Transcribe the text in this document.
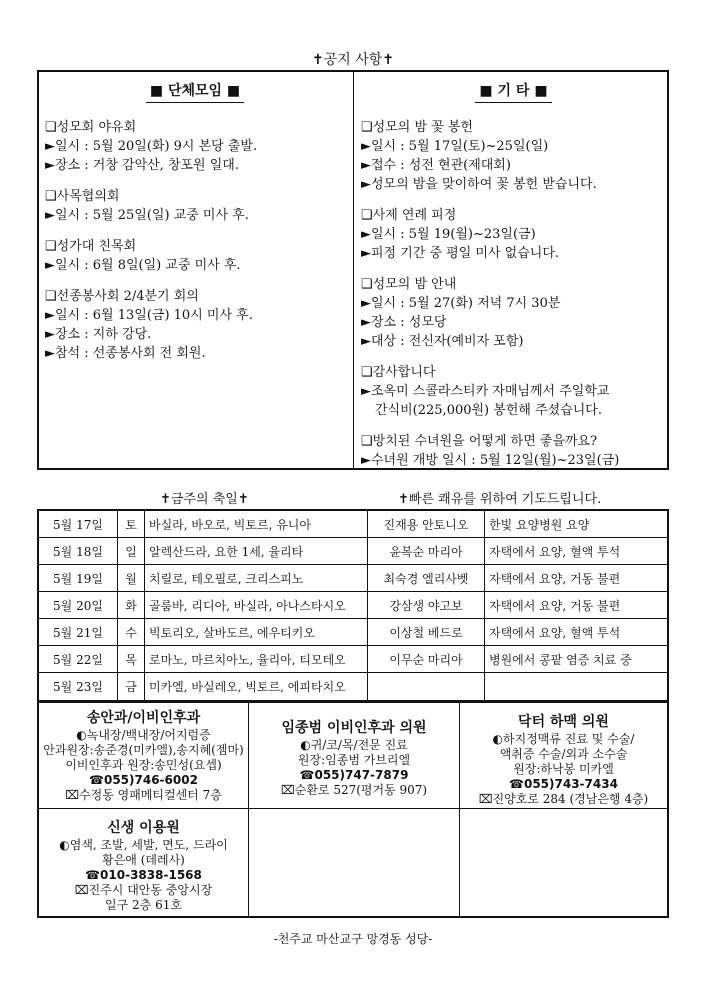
✝공지 사항✝
■ 단체모임 ■
❑성모회 야유회
►일시 : 5월 20일(화) 9시 본당 출발.
►장소 : 거창 감악산, 창포원 일대.
❑사목협의회
►일시 : 5월 25일(일) 교중 미사 후.
❑성가대 친목회
►일시 : 6월 8일(일) 교중 미사 후.
❑선종봉사회 2/4분기 회의
►일시 : 6월 13일(금) 10시 미사 후.
►장소 : 지하 강당.
►참석 : 선종봉사회 전 회원.
■ 기 타 ■
❑성모의 밤 꽃 봉헌
►일시 : 5월 17일(토)~25일(일)
►접수 : 성전 현관(제대회)
►성모의 밤을 맞이하여 꽃 봉헌 받습니다.
❑사제 연례 피정
►일시 : 5월 19(월)~23일(금)
►피정 기간 중 평일 미사 없습니다.
❑성모의 밤 안내
►일시 : 5월 27(화) 저녁 7시 30분
►장소 : 성모당
►대상 : 전신자(예비자 포함)
❑감사합니다
►조옥미 스콜라스티카 자매님께서 주일학교
간식비(225,000원) 봉헌해 주셨습니다.
❑방치된 수녀원을 어떻게 하면 좋을까요?
►수녀원 개방 일시 : 5월 12일(월)~23일(금)
✝금주의 축일✝	✝빠른 쾌유를 위하여 기도드립니다.
5월 17일	토	바실라, 바오로, 빅토르, 유니아	진재용 안토니오	한빛 요양병원 요양
5월 18일	일	알렉산드라, 요한 1세, 율리타	윤복순 마리아	자택에서 요양, 혈액 투석
5월 19일	월	치릴로, 테오필로, 크리스피노	최숙경 엘리사벳	자택에서 요양, 거동 불편
5월 20일	화	골룸바, 리디아, 바실라, 아나스타시오	강삼생 야고보	자택에서 요양, 거동 불편
5월 21일	수	빅토리오, 살바도르, 에우티키오	이상철 베드로	자택에서 요양, 혈액 투석
5월 22일	목	로마노, 마르치아노, 율리아, 티모테오	이무순 마리아	병원에서 콩팥 염증 치료 중
5월 23일	금	미카엘, 바실레오, 빅토르, 에피타치오		
송안과/이비인후과
◐녹내장/백내장/어지럼증
안과원장:송준경(미카엘),송지혜(젬마)
이비인후과 원장:송민성(요셉)
☎055)746-6002
⌧수정동 영패메티컬센터 7층
임종범 이비인후과 의원
◐귀/코/목/전문 진료
원장:임종범 가브리엘
☎055)747-7879
⌧순환로 527(평거동 907)
닥터 하맥 의원
◐하지정맥류 진료 및 수술/
액취증 수술/외과 소수술
원장:하낙봉 미카엘
☎055)743-7434
⌧진양호로 284 (경남은행 4층)
신생 이용원
◐염색, 조발, 세발, 면도, 드라이
황은애 (데레사)
☎010-3838-1568
⌧진주시 대안동 중앙시장
일구 2층 61호
-천주교 마산교구 망경동 성당-
